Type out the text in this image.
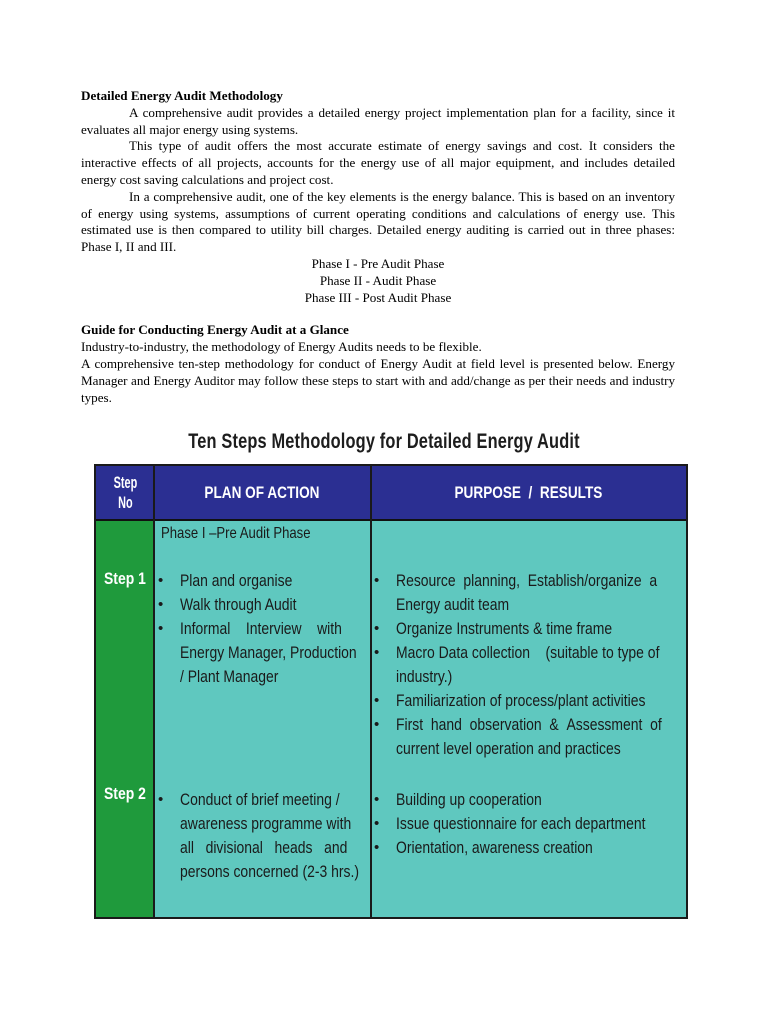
Detailed Energy Audit Methodology

A comprehensive audit provides a detailed energy project implementation plan for a facility, since it evaluates all major energy using systems.

This type of audit offers the most accurate estimate of energy savings and cost. It considers the interactive effects of all projects, accounts for the energy use of all major equipment, and includes detailed energy cost saving calculations and project cost.

In a comprehensive audit, one of the key elements is the energy balance. This is based on an inventory of energy using systems, assumptions of current operating conditions and calculations of energy use. This estimated use is then compared to utility bill charges. Detailed energy auditing is carried out in three phases: Phase I, II and III.

Phase I - Pre Audit Phase
Phase II - Audit Phase
Phase III - Post Audit Phase

Guide for Conducting Energy Audit at a Glance

Industry-to-industry, the methodology of Energy Audits needs to be flexible.

A comprehensive ten-step methodology for conduct of Energy Audit at field level is presented below. Energy Manager and Energy Auditor may follow these steps to start with and add/change as per their needs and industry types.

Ten Steps Methodology for Detailed Energy Audit
Step
No
PLAN OF ACTION	PURPOSE  /  RESULTS
Phase I –Pre Audit Phase
Step 1
Step 2
• Plan and organise
• Walk through Audit
• Informal    Interview    with
Energy Manager, Production
/ Plant Manager
• Resource  planning,  Establish/organize  a
Energy audit team
• Organize Instruments & time frame
• Macro Data collection    (suitable to type of
industry.)
• Familiarization of process/plant activities
• First  hand  observation  &  Assessment  of
current level operation and practices
• Conduct of brief meeting /
awareness programme with
all   divisional   heads   and
persons concerned (2-3 hrs.)
• Building up cooperation
• Issue questionnaire for each department
• Orientation, awareness creation
